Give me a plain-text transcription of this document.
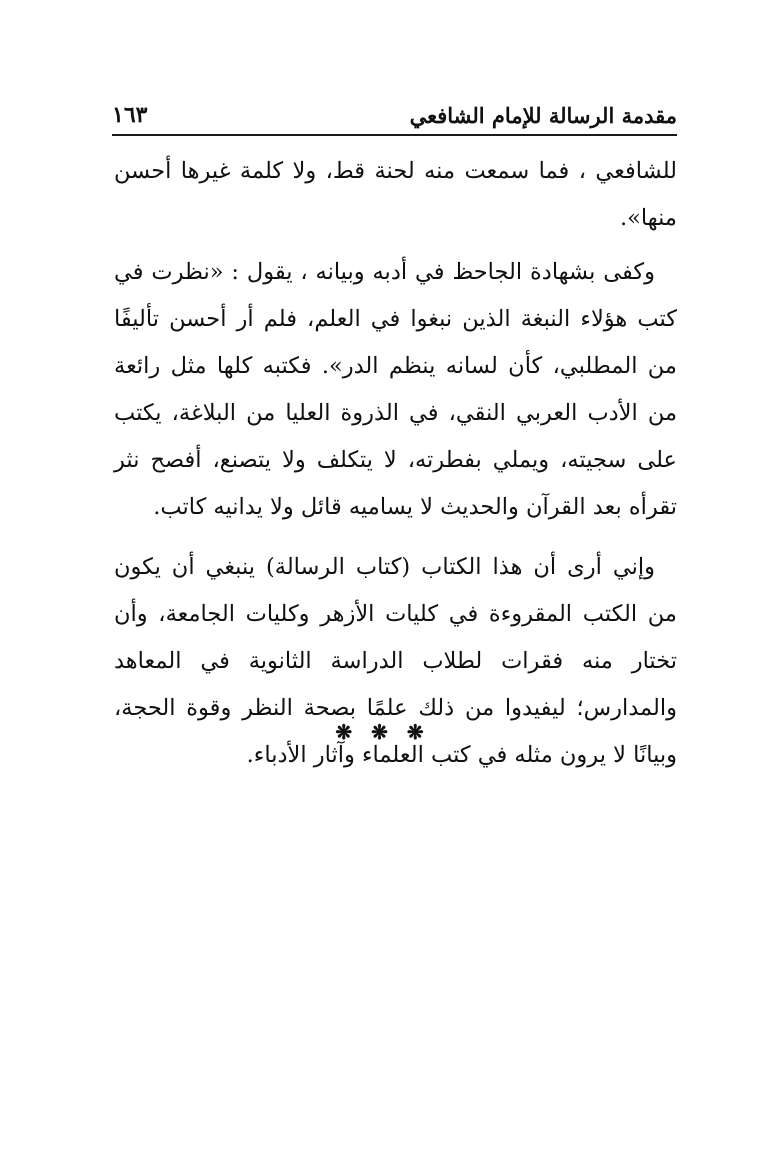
مقدمة الرسالة للإمام الشافعي
١٦٣

للشافعي ، فما سمعت منه لحنة قط، ولا كلمة غيرها أحسن منها».

وكفى بشهادة الجاحظ في أدبه وبيانه ، يقول : «نظرت في كتب هؤلاء النبغة الذين نبغوا في العلم، فلم أر أحسن تأليفًا من المطلبي، كأن لسانه ينظم الدر». فكتبه كلها مثل رائعة من الأدب العربي النقي، في الذروة العليا من البلاغة، يكتب على سجيته، ويملي بفطرته، لا يتكلف ولا يتصنع، أفصح نثر تقرأه بعد القرآن والحديث لا يساميه قائل ولا يدانيه كاتب.

وإني أرى أن هذا الكتاب (كتاب الرسالة) ينبغي أن يكون من الكتب المقروءة في كليات الأزهر وكليات الجامعة، وأن تختار منه فقرات لطلاب الدراسة الثانوية في المعاهد والمدارس؛ ليفيدوا من ذلك علمًا بصحة النظر وقوة الحجة، وبيانًا لا يرون مثله في كتب العلماء وآثار الأدباء.

❋ ❋ ❋
